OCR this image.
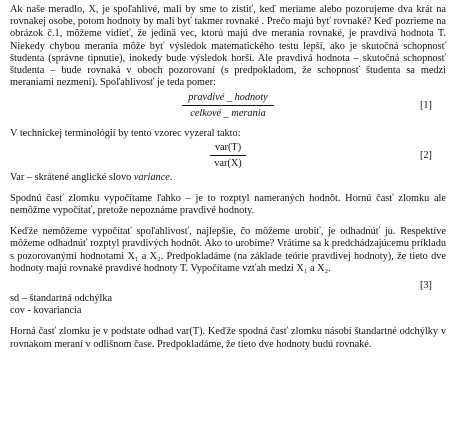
Ak naše meradlo, X, je spoľahlivé, mali by sme to zistiť, keď meriame alebo pozorujeme dva krát na rovnakej osobe, potom hodnoty by mali byť takmer rovnaké . Prečo majú byť rovnaké? Keď pozrieme na obrázok č.1, môžeme vidieť, že jedinä vec, ktorú majú dve merania rovnaké, je pravdivá hodnota T. Niekedy chybou merania môže byť výsledok matematického testu lepší, ako je skutočná schopnosť študenta (správne tipnutie), inokedy bude výsledok horší. Ale pravdivá hodnota – skutočná schopnosť študenta – bude rovnaká v oboch pozorovaní (s predpokladom, že schopnosť študenta sa medzi meraniami nezmeni). Spoľahlivosť je teda pomer:

pravdivé _ hodnoty
celkové _ merania
[1]

V technickej terminológii by tento vzorec vyzeral takto:

var(T)
var(X)
[2]

Var – skrátené anglické slovo variance.

Spodnú časť zlomku vypočítame ľahko – je to rozptyl nameraných hodnôt. Hornú časť zlomku ale nemôžme vypočítať, pretože nepoznáme pravdivé hodnoty.

Keďže nemôžeme vypočítať spoľahlivosť, najlepšie, čo môžeme urobiť, je odhadnúť ju. Respektíve môžeme odhadnúť rozptyl pravdivých hodnôt. Ako to urobíme? Vrátime sa k predchádzajúcemu príkladu s pozorovanými hodnotami X₁ a X₂. Predpokladáme (na základe teórie pravdivej hodnoty), že tieto dve hodnoty majú rovnaké pravdivé hodnoty T. Vypočítame vzťah medzi X₁ a X₂.

[3]

sd – štandartná odchýlka

cov - kovariancia

Horná časť zlomku je v podstate odhad var(T). Keďže spodná časť zlomku násobí štandartné odchýlky v rovnakom meraní v odlišnom čase. Predpokladáme, že tieto dve hodnoty budú rovnaké.
